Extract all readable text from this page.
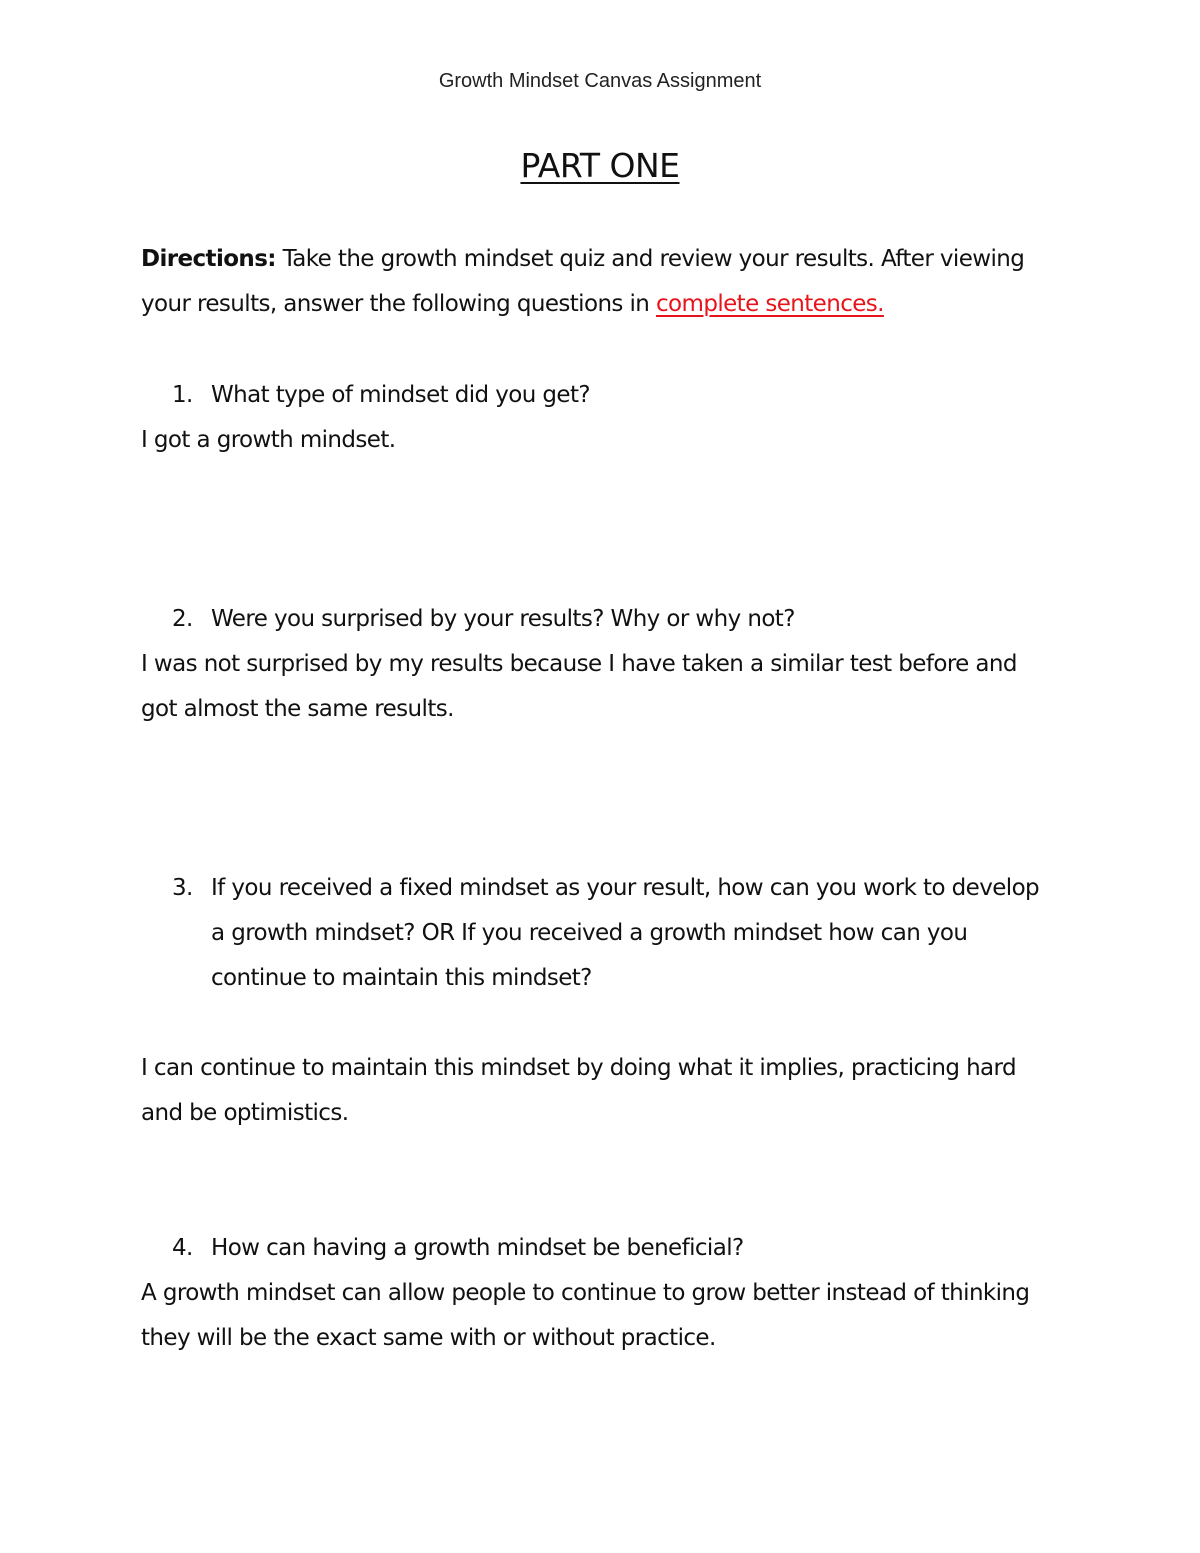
Growth Mindset Canvas Assignment
PART ONE

Directions: Take the growth mindset quiz and review your results. After viewing your results, answer the following questions in complete sentences.

1. What type of mindset did you get?

I got a growth mindset.

2. Were you surprised by your results? Why or why not?

I was not surprised by my results because I have taken a similar test before and got almost the same results.

3. If you received a fixed mindset as your result, how can you work to develop a growth mindset? OR If you received a growth mindset how can you continue to maintain this mindset?

I can continue to maintain this mindset by doing what it implies, practicing hard and be optimistics.

4. How can having a growth mindset be beneficial?

A growth mindset can allow people to continue to grow better instead of thinking they will be the exact same with or without practice.
